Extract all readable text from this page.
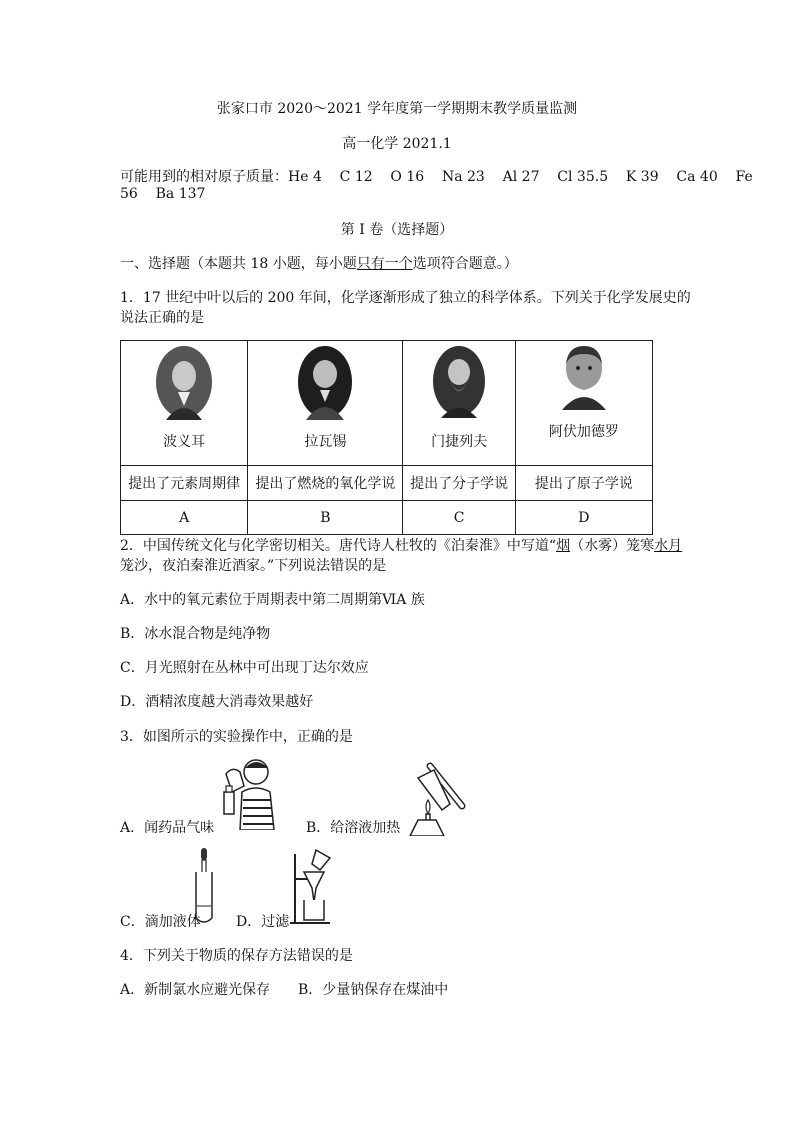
张家口市 2020～2021 学年度第一学期期末教学质量监测
高一化学 2021.1
可能用到的相对原子质量：He 4    C 12    O 16    Na 23    Al 27    Cl 35.5    K 39    Ca 40    Fe
56    Ba 137
第 I 卷（选择题）
一、选择题（本题共 18 小题，每小题只有一个选项符合题意。）
1．17 世纪中叶以后的 200 年间，化学逐渐形成了独立的科学体系。下列关于化学发展史的
说法正确的是
波义耳	拉瓦锡	门捷列夫	阿伏加德罗

提出了元素周期律	提出了燃烧的氧化学说	提出了分子学说	提出了原子学说
A	B	C	D
2．中国传统文化与化学密切相关。唐代诗人杜牧的《泊秦淮》中写道“烟（水雾）笼寒水月
笼沙，夜泊秦淮近酒家。”下列说法错误的是
A．水中的氧元素位于周期表中第二周期第ⅥA 族
B．冰水混合物是纯净物
C．月光照射在丛林中可出现丁达尔效应
D．酒精浓度越大消毒效果越好
3．如图所示的实验操作中，正确的是
A．闻药品气味	B．给溶液加热
C．滴加液体	D．过滤
4．下列关于物质的保存方法错误的是
A．新制氯水应避光保存 B．少量钠保存在煤油中
